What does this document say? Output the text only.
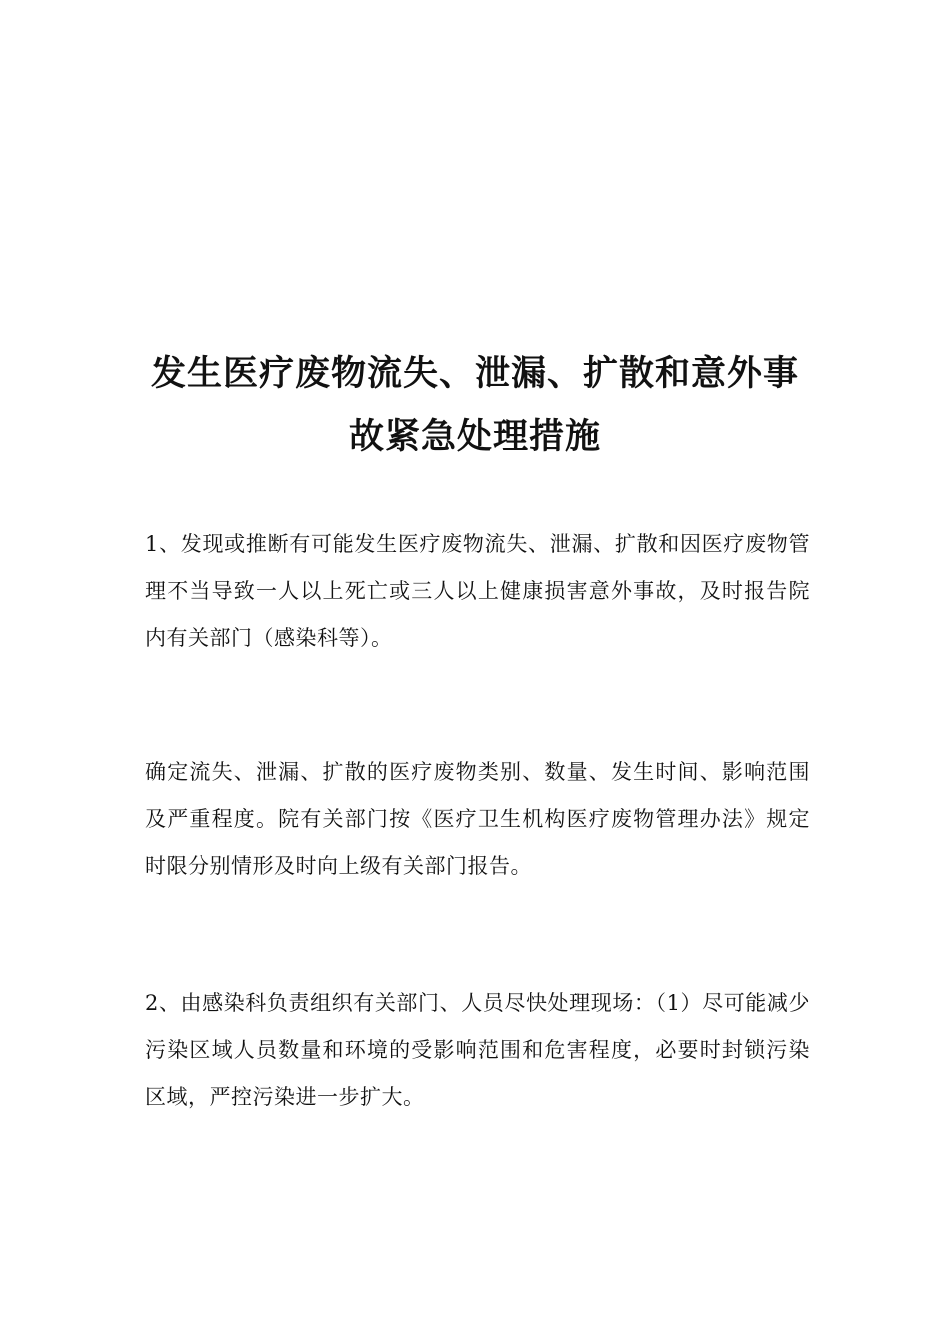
发生医疗废物流失、泄漏、扩散和意外事
故紧急处理措施

1、发现或推断有可能发生医疗废物流失、泄漏、扩散和因医疗废物管理不当导致一人以上死亡或三人以上健康损害意外事故，及时报告院内有关部门（感染科等）。

确定流失、泄漏、扩散的医疗废物类别、数量、发生时间、影响范围及严重程度。院有关部门按《医疗卫生机构医疗废物管理办法》规定时限分别情形及时向上级有关部门报告。

2、由感染科负责组织有关部门、人员尽快处理现场：（1）尽可能减少污染区域人员数量和环境的受影响范围和危害程度，必要时封锁污染区域，严控污染进一步扩大。
